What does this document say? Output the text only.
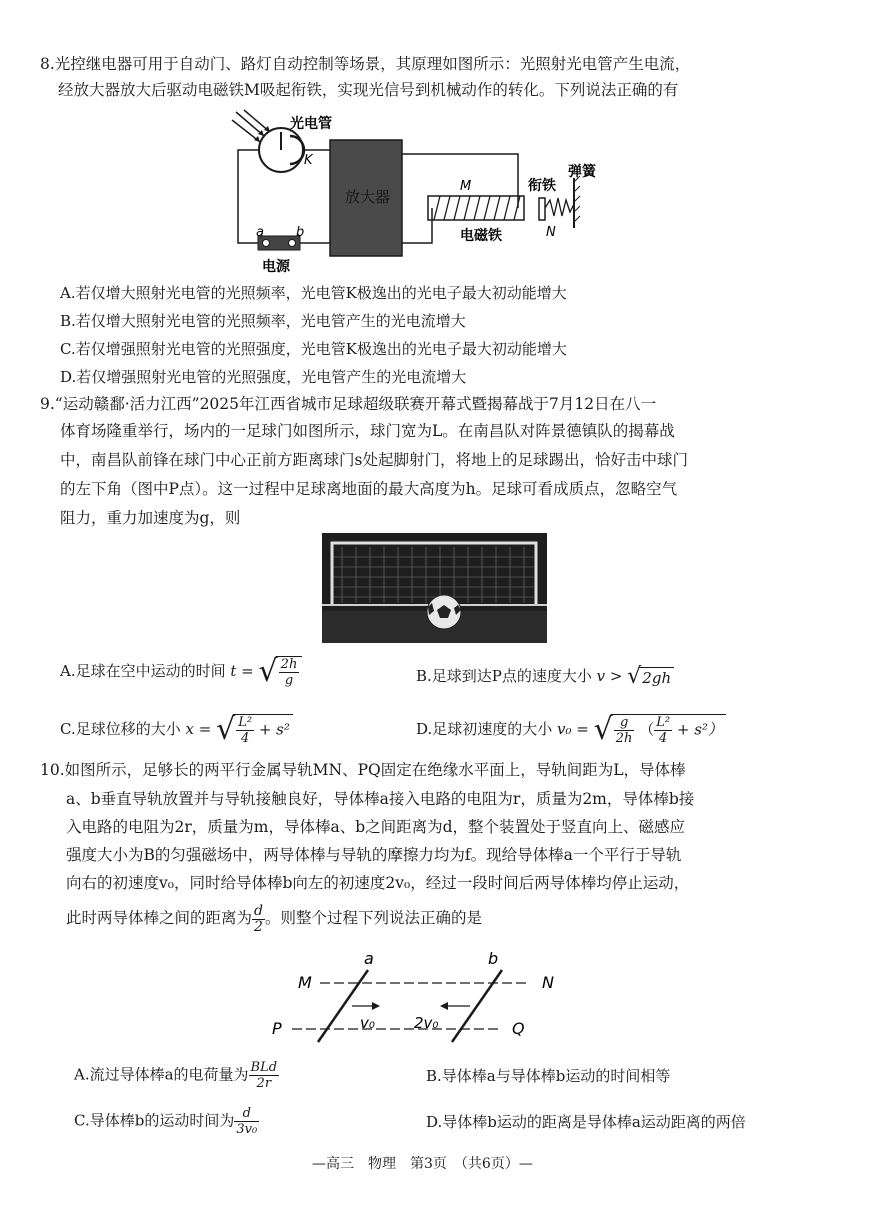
8.光控继电器可用于自动门、路灯自动控制等场景，其原理如图所示：光照射光电管产生电流，
经放大器放大后驱动电磁铁M吸起衔铁，实现光信号到机械动作的转化。下列说法正确的有
光电管
K
放大器
a b
电源
M
电磁铁
衔铁
N
弹簧
A.若仅增大照射光电管的光照频率，光电管K极逸出的光电子最大初动能增大
B.若仅增大照射光电管的光照频率，光电管产生的光电流增大
C.若仅增强照射光电管的光照强度，光电管K极逸出的光电子最大初动能增大
D.若仅增强照射光电管的光照强度，光电管产生的光电流增大
9.“运动赣鄱·活力江西”2025年江西省城市足球超级联赛开幕式暨揭幕战于7月12日在八一
体育场隆重举行，场内的一足球门如图所示，球门宽为L。在南昌队对阵景德镇队的揭幕战
中，南昌队前锋在球门中心正前方距离球门s处起脚射门，将地上的足球踢出，恰好击中球门
的左下角（图中P点）。这一过程中足球离地面的最大高度为h。足球可看成质点，忽略空气
阻力，重力加速度为g，则
A.足球在空中运动的时间 t = √ $\frac{2h}{g}$	B.足球到达P点的速度大小 v > √2gh
C.足球位移的大小 x = √ $\frac{\text{L²}}{4} + s^2$	D.足球初速度的大小 v₀ = √ $\frac{g}{2h}$ （ $\frac{\text{L²}}{4} + s^2$）
10.如图所示，足够长的两平行金属导轨MN、PQ固定在绝缘水平面上，导轨间距为L，导体棒
a、b垂直导轨放置并与导轨接触良好，导体棒a接入电路的电阻为r，质量为2m，导体棒b接
入电路的电阻为2r，质量为m，导体棒a、b之间距离为d，整个装置处于竖直向上、磁感应
强度大小为B的匀强磁场中，两导体棒与导轨的摩擦力均为f。现给导体棒a一个平行于导轨
向右的初速度v₀，同时给导体棒b向左的初速度2v₀，经过一段时间后两导体棒均停止运动，
此时两导体棒之间的距离为 $\frac{d}{2}$ 。则整个过程下列说法正确的是
M	N
P	Q
a	b
v₀	2v₀
A.流过导体棒a的电荷量为 $\frac{\text{BLd}}{2r}$	B.导体棒a与导体棒b运动的时间相等
C.导体棒b的运动时间为 $\frac{d}{\text{3v₀}}$	D.导体棒b运动的距离是导体棒a运动距离的两倍
—高三　物理　第3页　（共6页）—
